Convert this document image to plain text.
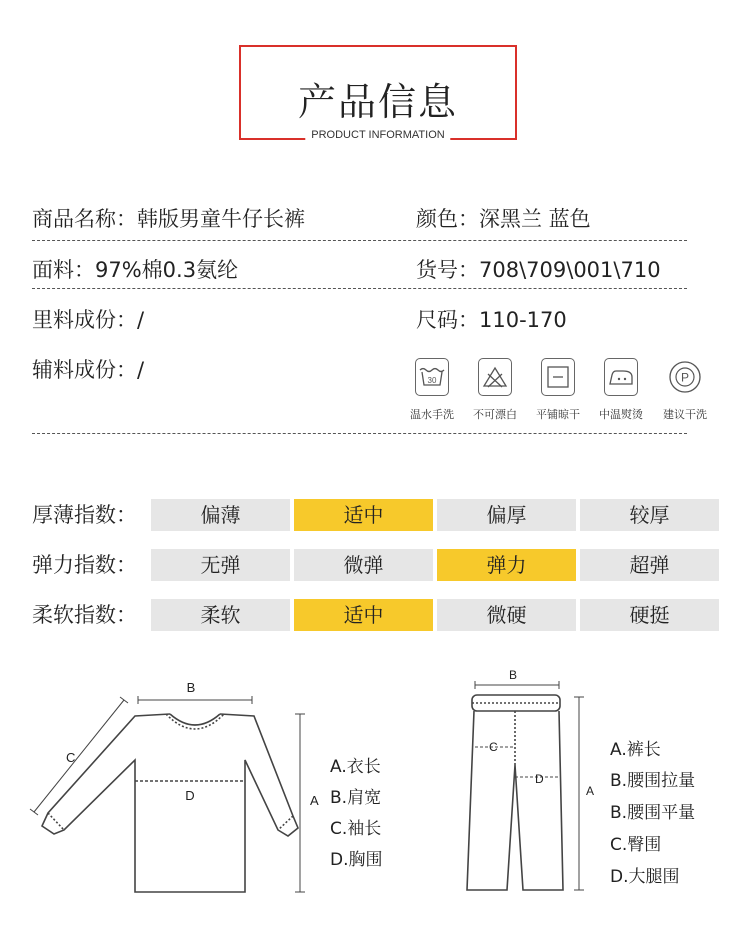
产品信息
PRODUCT INFORMATION
商品名称：韩版男童牛仔长裤	颜色：深黑兰 蓝色
面料：97%棉0.3氨纶	货号：708\709\001\710
里料成份：/	尺码：110-170
辅料成份：/	30
温水手洗	不可漂白	平铺晾干	中温熨烫
P
建议干洗
厚薄指数：	偏薄	适中	偏厚	较厚
弹力指数：	无弹	微弹	弹力	超弹
柔软指数：	柔软	适中	微硬	硬挺
B
A
C
D
A.衣长
B.肩宽
C.袖长
D.胸围
B
A
C
D
A.裤长
B.腰围拉量
B.腰围平量
C.臀围
D.大腿围
